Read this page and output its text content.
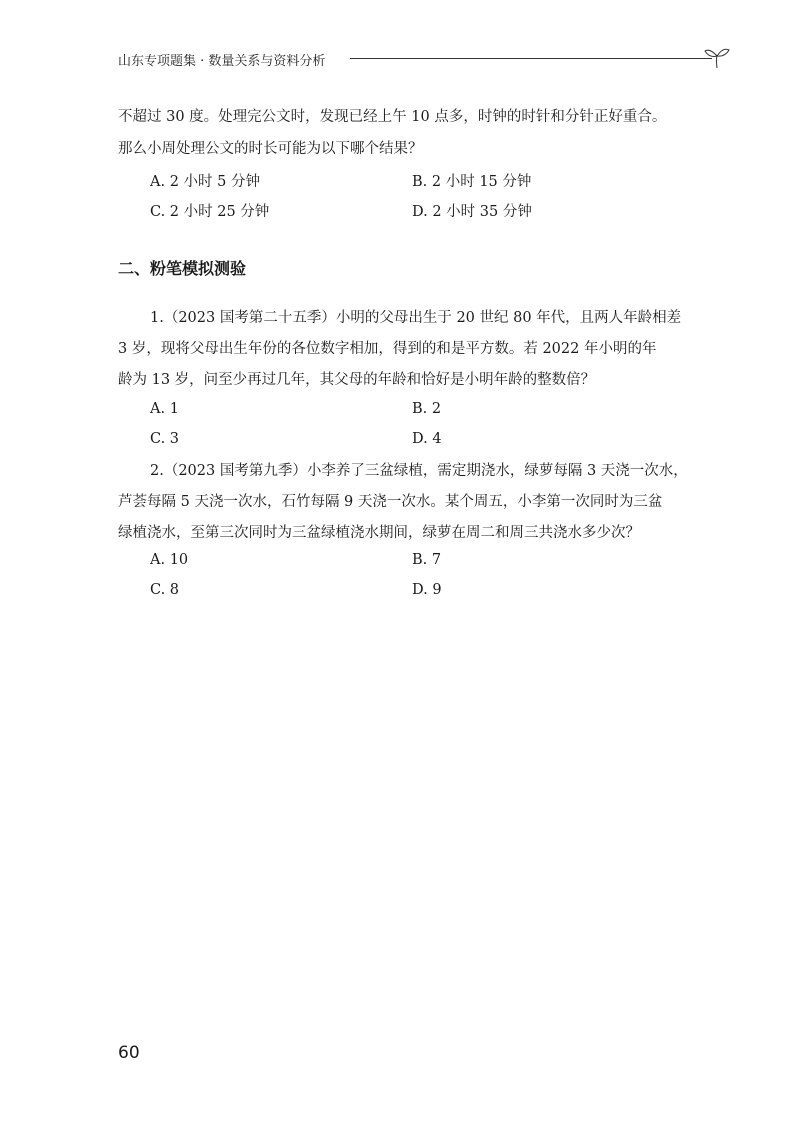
山东专项题集 · 数量关系与资料分析
不超过 30 度。处理完公文时，发现已经上午 10 点多，时钟的时针和分针正好重合。
那么小周处理公文的时长可能为以下哪个结果？
A. 2 小时 5 分钟	B. 2 小时 15 分钟
C. 2 小时 25 分钟	D. 2 小时 35 分钟
二、粉笔模拟测验
1.（2023 国考第二十五季）小明的父母出生于 20 世纪 80 年代，且两人年龄相差
3 岁，现将父母出生年份的各位数字相加，得到的和是平方数。若 2022 年小明的年
龄为 13 岁，问至少再过几年，其父母的年龄和恰好是小明年龄的整数倍？
A. 1	B. 2
C. 3	D. 4
2.（2023 国考第九季）小李养了三盆绿植，需定期浇水，绿萝每隔 3 天浇一次水，
芦荟每隔 5 天浇一次水，石竹每隔 9 天浇一次水。某个周五，小李第一次同时为三盆
绿植浇水，至第三次同时为三盆绿植浇水期间，绿萝在周二和周三共浇水多少次？
A. 10	B. 7
C. 8	D. 9
60
